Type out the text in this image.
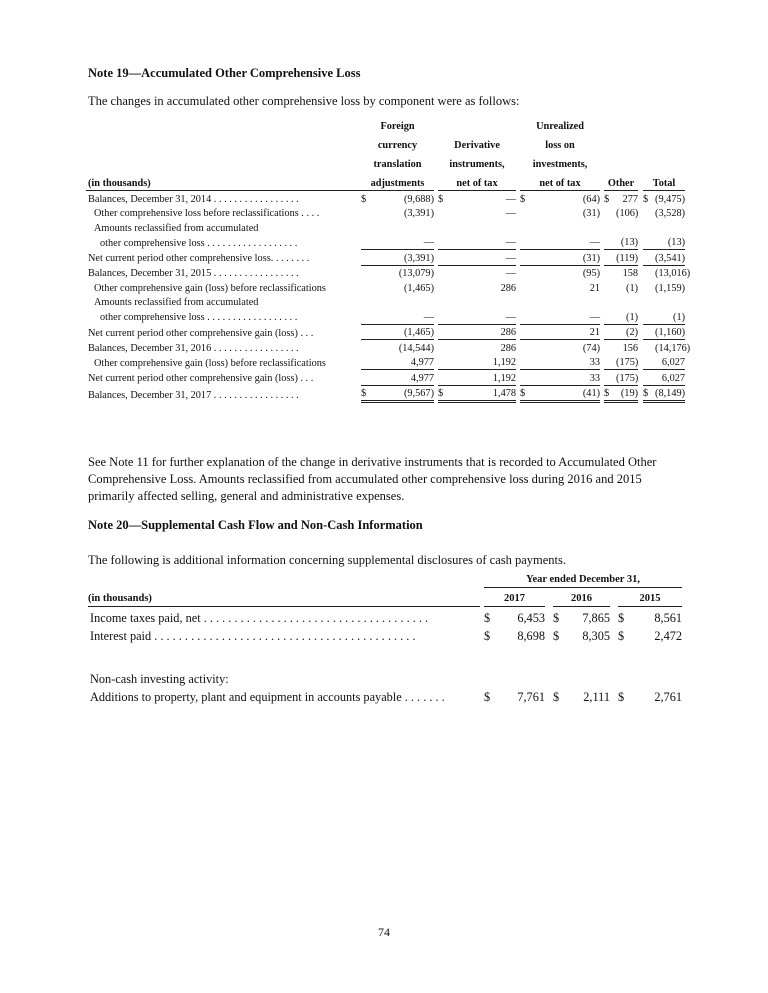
Note 19—Accumulated Other Comprehensive Loss
The changes in accumulated other comprehensive loss by component were as follows:
	Foreign						Unrealized							
	currency			Derivative			loss on							
	translation			instruments,			investments,							
(in thousands)	adjustments			net of tax			net of tax			Other			Total	
Balances, December 31, 2014 . . . . . . . . . . . . . . . . .	$	(9,688)		$	—		$	(64)		$	277		$	(9,475)
Other comprehensive loss before reclassifications . . . .		(3,391)			—			(31)			(106)			(3,528)
Amounts reclassified from accumulated														
other comprehensive loss . . . . . . . . . . . . . . . . . .		—			—			—			(13)			(13)
Net current period other comprehensive loss. . . . . . . .		(3,391)			—			(31)			(119)			(3,541)
Balances, December 31, 2015 . . . . . . . . . . . . . . . . .		(13,079)			—			(95)			158			(13,016)
Other comprehensive gain (loss) before reclassifications		(1,465)			286			21			(1)			(1,159)
Amounts reclassified from accumulated														
other comprehensive loss . . . . . . . . . . . . . . . . . .		—			—			—			(1)			(1)
Net current period other comprehensive gain (loss) . . .		(1,465)			286			21			(2)			(1,160)
Balances, December 31, 2016 . . . . . . . . . . . . . . . . .		(14,544)			286			(74)			156			(14,176)
Other comprehensive gain (loss) before reclassifications		4,977			1,192			33			(175)			6,027
Net current period other comprehensive gain (loss) . . .		4,977			1,192			33			(175)			6,027
Balances, December 31, 2017 . . . . . . . . . . . . . . . . .	$	(9,567)		$	1,478		$	(41)		$	(19)		$	(8,149)
See Note 11 for further explanation of the change in derivative instruments that is recorded to Accumulated Other Comprehensive Loss. Amounts reclassified from accumulated other comprehensive loss during 2016 and 2015 primarily affected selling, general and administrative expenses.
Note 20—Supplemental Cash Flow and Non-Cash Information
The following is additional information concerning supplemental disclosures of cash payments.
		Year ended December 31,							
(in thousands)		2017			2016			2015	
Income taxes paid, net . . . . . . . . . . . . . . . . . . . . . . . . . . . . . . . . . . . . .		$	6,453		$	7,865		$	8,561
Interest paid . . . . . . . . . . . . . . . . . . . . . . . . . . . . . . . . . . . . . . . . . . .		$	8,698		$	8,305		$	2,472

Non-cash investing activity:									
Additions to property, plant and equipment in accounts payable . . . . . . .		$	7,761		$	2,111		$	2,761
74
